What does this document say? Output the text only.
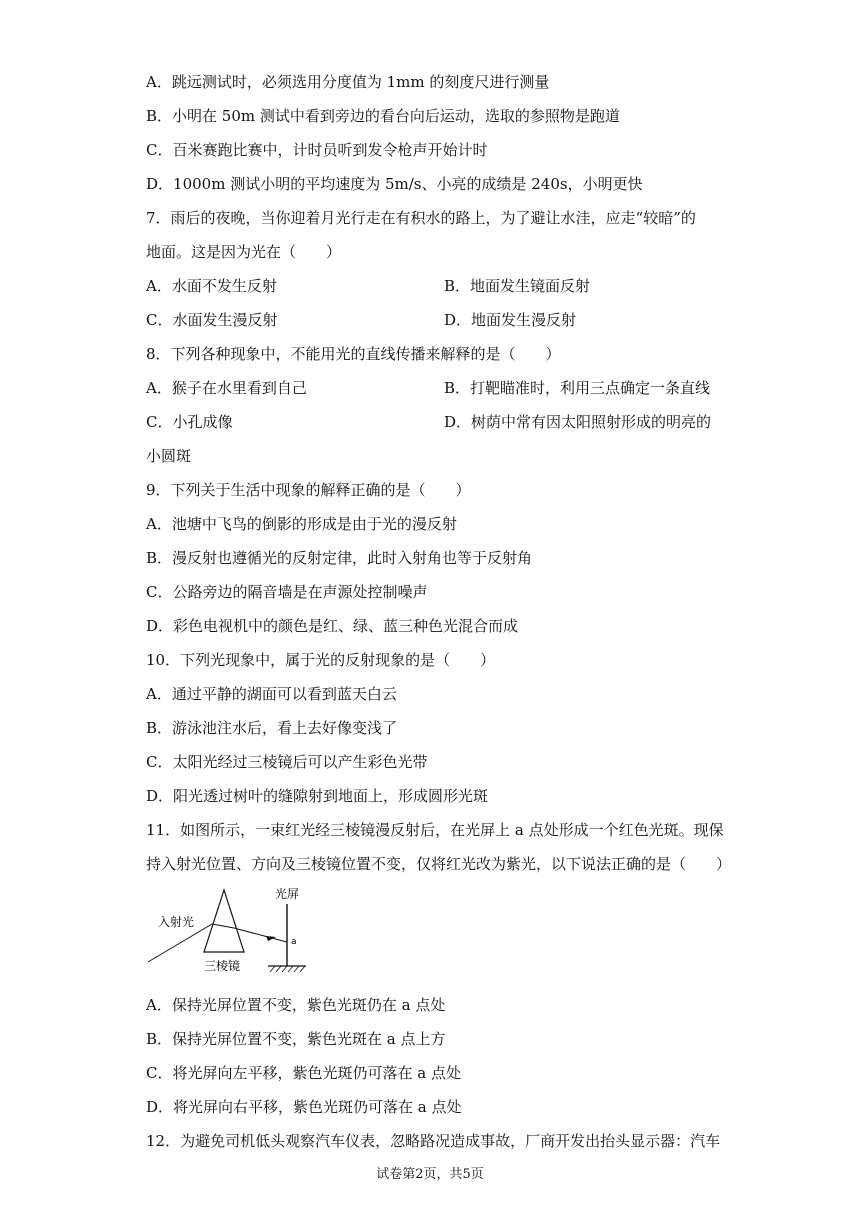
A．跳远测试时，必须选用分度值为 1mm 的刻度尺进行测量
B．小明在 50m 测试中看到旁边的看台向后运动，选取的参照物是跑道
C．百米赛跑比赛中，计时员听到发令枪声开始计时
D．1000m 测试小明的平均速度为 5m/s、小亮的成绩是 240s，小明更快
7．雨后的夜晚，当你迎着月光行走在有积水的路上，为了避让水洼，应走“较暗”的
地面。这是因为光在（　　）
A．水面不发生反射	B．地面发生镜面反射
C．水面发生漫反射	D．地面发生漫反射
8．下列各种现象中，不能用光的直线传播来解释的是（　　）
A．猴子在水里看到自己	B．打靶瞄准时，利用三点确定一条直线
C．小孔成像	D．树荫中常有因太阳照射形成的明亮的
小圆斑
9．下列关于生活中现象的解释正确的是（　　）
A．池塘中飞鸟的倒影的形成是由于光的漫反射
B．漫反射也遵循光的反射定律，此时入射角也等于反射角
C．公路旁边的隔音墙是在声源处控制噪声
D．彩色电视机中的颜色是红、绿、蓝三种色光混合而成
10．下列光现象中，属于光的反射现象的是（　　）
A．通过平静的湖面可以看到蓝天白云
B．游泳池注水后，看上去好像变浅了
C．太阳光经过三棱镜后可以产生彩色光带
D．阳光透过树叶的缝隙射到地面上，形成圆形光斑
11．如图所示，一束红光经三棱镜漫反射后，在光屏上 a 点处形成一个红色光斑。现保
持入射光位置、方向及三棱镜位置不变，仅将红光改为紫光，以下说法正确的是（　　）
入射光
三棱镜
光屏
a
A．保持光屏位置不变，紫色光斑仍在 a 点处
B．保持光屏位置不变，紫色光斑在 a 点上方
C．将光屏向左平移，紫色光斑仍可落在 a 点处
D．将光屏向右平移，紫色光斑仍可落在 a 点处
12．为避免司机低头观察汽车仪表，忽略路况造成事故，厂商开发出抬头显示器：汽车
试卷第2页，共5页
